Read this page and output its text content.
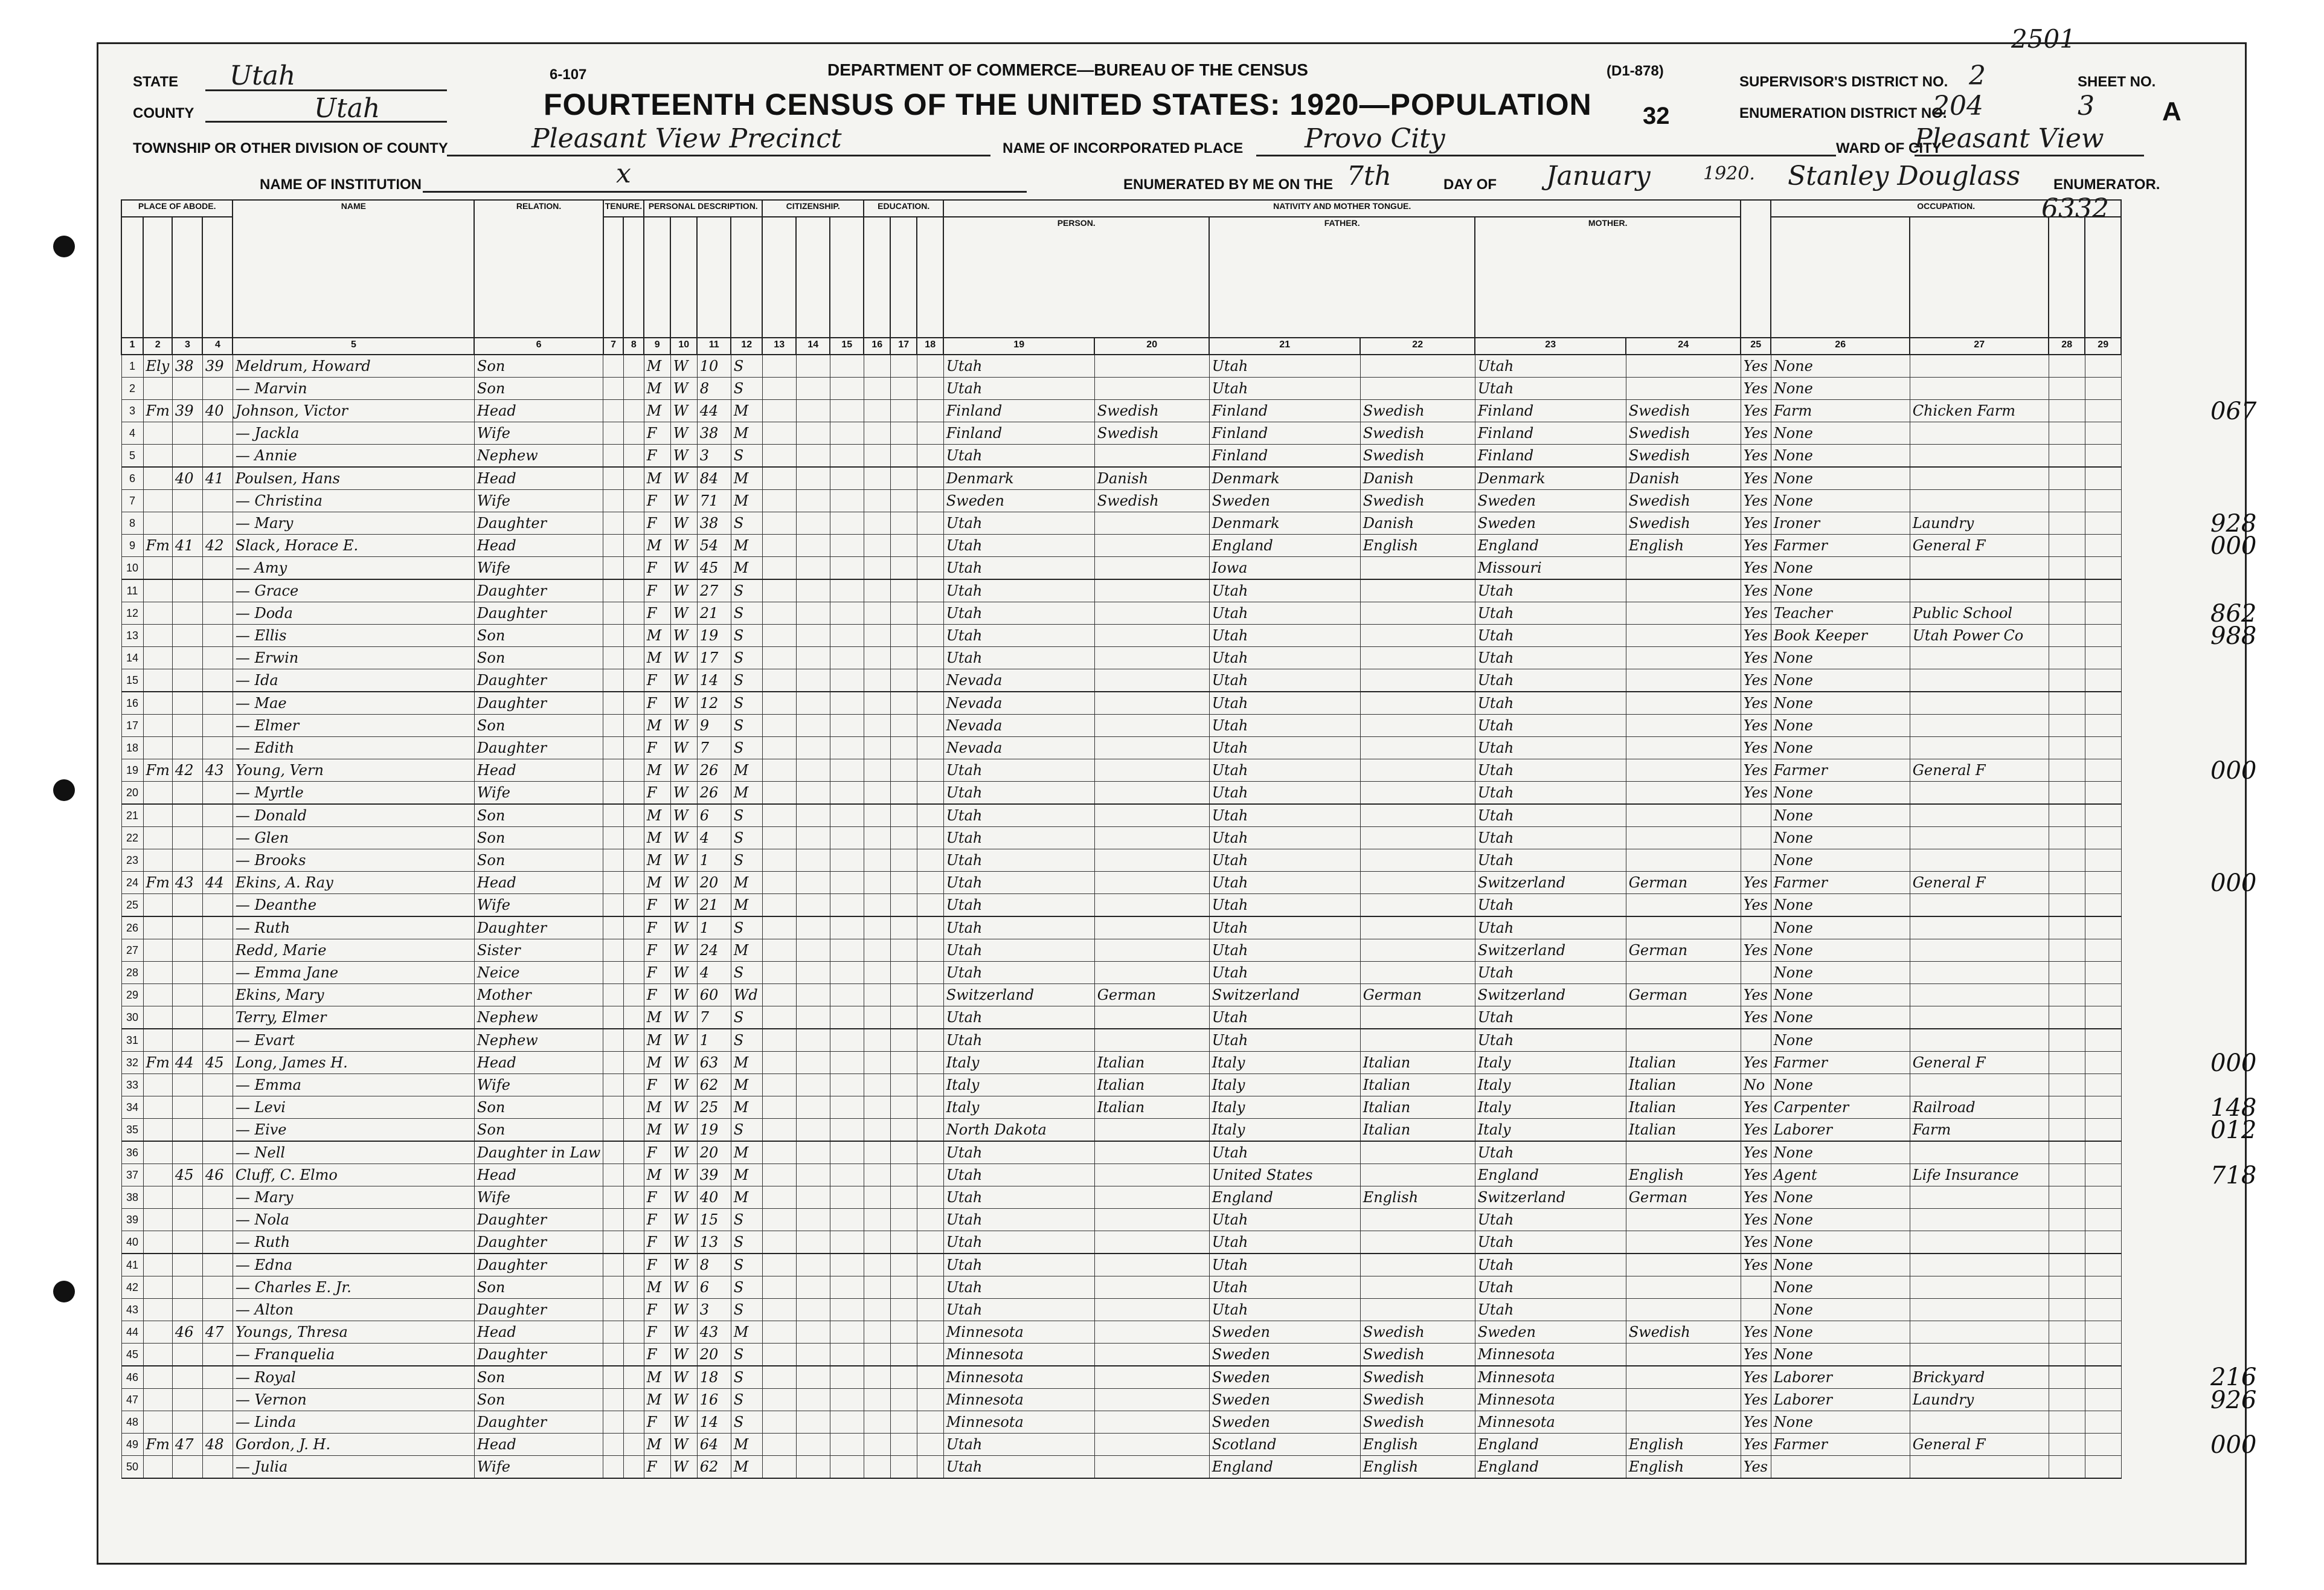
2501
STATE Utah
COUNTY	Utah
6-107	DEPARTMENT OF COMMERCE—BUREAU OF THE CENSUS
FOURTEENTH CENSUS OF THE UNITED STATES: 1920—POPULATION
(D1-878)
32
SUPERVISOR'S DISTRICT NO. 2	SHEET NO.
ENUMERATION DISTRICT NO.
204	3	A
TOWNSHIP OR OTHER DIVISION OF COUNTY	Pleasant View Precinct	NAME OF INCORPORATED PLACE Provo City	WARD OF CITY
Pleasant View
NAME OF INSTITUTION	x	ENUMERATED BY ME ON THE 7th	DAY OF January	1920. Stanley Douglass ENUMERATOR.
6332
PLACE OF ABODE.				NAME	RELATION.	TENURE.		PERSONAL DESCRIPTION.				CITIZENSHIP.			EDUCATION.			NATIVITY AND MOTHER TONGUE.							OCCUPATION.			
																		PERSON.		FATHER.		MOTHER.						
1	2	3	4	5	6	7	8	9	10	11	12	13	14	15	16	17	18	19	20	21	22	23	24	25	26	27	28	29
1	Ely	38	39	Meldrum, Howard	Son			M	W	10	S							Utah		Utah		Utah		Yes	None			
2				— Marvin	Son			M	W	8	S							Utah		Utah		Utah		Yes	None			
3	Fm	39	40	Johnson, Victor	Head			M	W	44	M							Finland	Swedish	Finland	Swedish	Finland	Swedish	Yes	Farm	Chicken Farm		
4				— Jackla	Wife			F	W	38	M							Finland	Swedish	Finland	Swedish	Finland	Swedish	Yes	None			
5				— Annie	Nephew			F	W	3	S							Utah		Finland	Swedish	Finland	Swedish	Yes	None			
6		40	41	Poulsen, Hans	Head			M	W	84	M							Denmark	Danish	Denmark	Danish	Denmark	Danish	Yes	None			
7				— Christina	Wife			F	W	71	M							Sweden	Swedish	Sweden	Swedish	Sweden	Swedish	Yes	None			
8				— Mary	Daughter			F	W	38	S							Utah		Denmark	Danish	Sweden	Swedish	Yes	Ironer	Laundry		
9	Fm	41	42	Slack, Horace E.	Head			M	W	54	M							Utah		England	English	England	English	Yes	Farmer	General F		
10				— Amy	Wife			F	W	45	M							Utah		Iowa		Missouri		Yes	None			
11				— Grace	Daughter			F	W	27	S							Utah		Utah		Utah		Yes	None			
12				— Doda	Daughter			F	W	21	S							Utah		Utah		Utah		Yes	Teacher	Public School		
13				— Ellis	Son			M	W	19	S							Utah		Utah		Utah		Yes	Book Keeper	Utah Power Co		
14				— Erwin	Son			M	W	17	S							Utah		Utah		Utah		Yes	None			
15				— Ida	Daughter			F	W	14	S							Nevada		Utah		Utah		Yes	None			
16				— Mae	Daughter			F	W	12	S							Nevada		Utah		Utah		Yes	None			
17				— Elmer	Son			M	W	9	S							Nevada		Utah		Utah		Yes	None			
18				— Edith	Daughter			F	W	7	S							Nevada		Utah		Utah		Yes	None			
19	Fm	42	43	Young, Vern	Head			M	W	26	M							Utah		Utah		Utah		Yes	Farmer	General F		
20				— Myrtle	Wife			F	W	26	M							Utah		Utah		Utah		Yes	None			
21				— Donald	Son			M	W	6	S							Utah		Utah		Utah			None			
22				— Glen	Son			M	W	4	S							Utah		Utah		Utah			None			
23				— Brooks	Son			M	W	1	S							Utah		Utah		Utah			None			
24	Fm	43	44	Ekins, A. Ray	Head			M	W	20	M							Utah		Utah		Switzerland	German	Yes	Farmer	General F		
25				— Deanthe	Wife			F	W	21	M							Utah		Utah		Utah		Yes	None			
26				— Ruth	Daughter			F	W	1	S							Utah		Utah		Utah			None			
27				Redd, Marie	Sister			F	W	24	M							Utah		Utah		Switzerland	German	Yes	None			
28				— Emma Jane	Neice			F	W	4	S							Utah		Utah		Utah			None			
29				Ekins, Mary	Mother			F	W	60	Wd							Switzerland	German	Switzerland	German	Switzerland	German	Yes	None			
30				Terry, Elmer	Nephew			M	W	7	S							Utah		Utah		Utah		Yes	None			
31				— Evart	Nephew			M	W	1	S							Utah		Utah		Utah			None			
32	Fm	44	45	Long, James H.	Head			M	W	63	M							Italy	Italian	Italy	Italian	Italy	Italian	Yes	Farmer	General F		
33				— Emma	Wife			F	W	62	M							Italy	Italian	Italy	Italian	Italy	Italian	No	None			
34				— Levi	Son			M	W	25	M							Italy	Italian	Italy	Italian	Italy	Italian	Yes	Carpenter	Railroad		
35				— Eive	Son			M	W	19	S							North Dakota		Italy	Italian	Italy	Italian	Yes	Laborer	Farm		
36				— Nell	Daughter in Law			F	W	20	M							Utah		Utah		Utah		Yes	None			
37		45	46	Cluff, C. Elmo	Head			M	W	39	M							Utah		United States		England	English	Yes	Agent	Life Insurance		
38				— Mary	Wife			F	W	40	M							Utah		England	English	Switzerland	German	Yes	None			
39				— Nola	Daughter			F	W	15	S							Utah		Utah		Utah		Yes	None			
40				— Ruth	Daughter			F	W	13	S							Utah		Utah		Utah		Yes	None			
41				— Edna	Daughter			F	W	8	S							Utah		Utah		Utah		Yes	None			
42				— Charles E. Jr.	Son			M	W	6	S							Utah		Utah		Utah			None			
43				— Alton	Daughter			F	W	3	S							Utah		Utah		Utah			None			
44		46	47	Youngs, Thresa	Head			F	W	43	M							Minnesota		Sweden	Swedish	Sweden	Swedish	Yes	None			
45				— Franquelia	Daughter			F	W	20	S							Minnesota		Sweden	Swedish	Minnesota		Yes	None			
46				— Royal	Son			M	W	18	S							Minnesota		Sweden	Swedish	Minnesota		Yes	Laborer	Brickyard		
47				— Vernon	Son			M	W	16	S							Minnesota		Sweden	Swedish	Minnesota		Yes	Laborer	Laundry		
48				— Linda	Daughter			F	W	14	S							Minnesota		Sweden	Swedish	Minnesota		Yes	None			
49	Fm	47	48	Gordon, J. H.	Head			M	W	64	M							Utah		Scotland	English	England	English	Yes	Farmer	General F		
50				— Julia	Wife			F	W	62	M							Utah		England	English	England	English	Yes				
067
928
000
862
988
000
000
000
148
012
718
216
926
000
